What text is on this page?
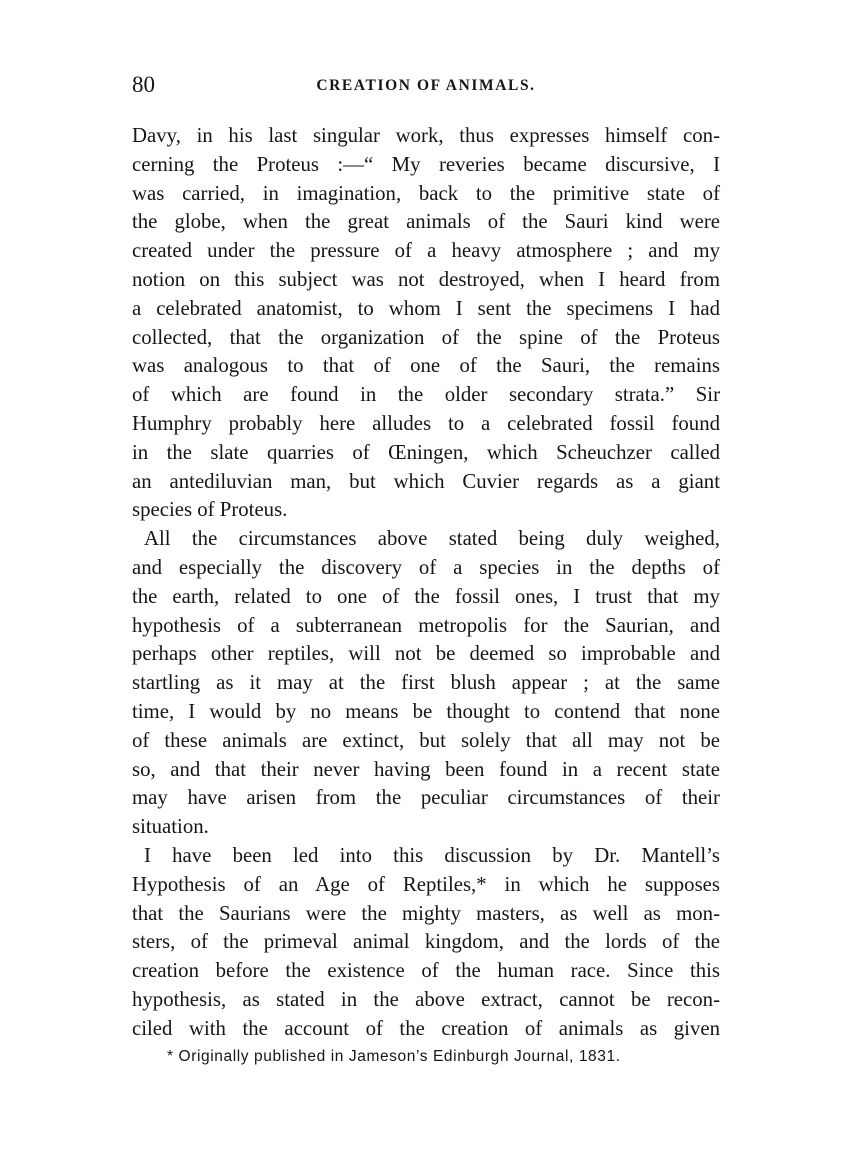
80	CREATION OF ANIMALS.
Davy, in his last singular work, thus expresses himself con-
cerning the Proteus :—“ My reveries became discursive, I
was carried, in imagination, back to the primitive state of
the globe, when the great animals of the Sauri kind were
created under the pressure of a heavy atmosphere ; and my
notion on this subject was not destroyed, when I heard from
a celebrated anatomist, to whom I sent the specimens I had
collected, that the organization of the spine of the Proteus
was analogous to that of one of the Sauri, the remains
of which are found in the older secondary strata.” Sir
Humphry probably here alludes to a celebrated fossil found
in the slate quarries of Œningen, which Scheuchzer called
an antediluvian man, but which Cuvier regards as a giant
species of Proteus.
All the circumstances above stated being duly weighed,
and especially the discovery of a species in the depths of
the earth, related to one of the fossil ones, I trust that my
hypothesis of a subterranean metropolis for the Saurian, and
perhaps other reptiles, will not be deemed so improbable and
startling as it may at the first blush appear ; at the same
time, I would by no means be thought to contend that none
of these animals are extinct, but solely that all may not be
so, and that their never having been found in a recent state
may have arisen from the peculiar circumstances of their
situation.
I have been led into this discussion by Dr. Mantell’s
Hypothesis of an Age of Reptiles,* in which he supposes
that the Saurians were the mighty masters, as well as mon-
sters, of the primeval animal kingdom, and the lords of the
creation before the existence of the human race. Since this
hypothesis, as stated in the above extract, cannot be recon-
ciled with the account of the creation of animals as given
* Originally published in Jameson’s Edinburgh Journal, 1831.
